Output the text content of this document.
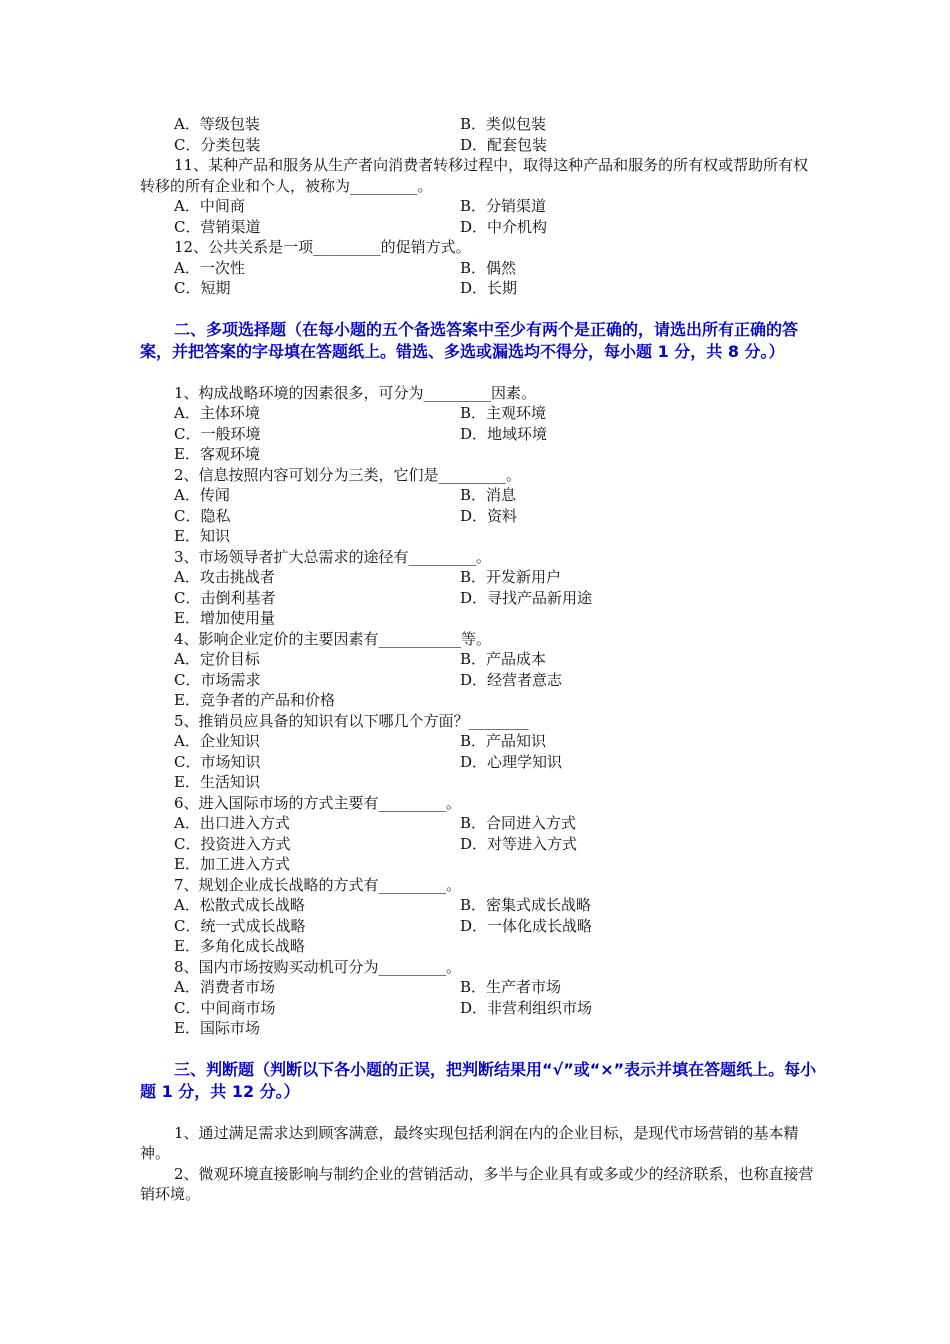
A．等级包装	B．类似包装
C．分类包装	D．配套包装
11、某种产品和服务从生产者向消费者转移过程中，取得这种产品和服务的所有权或帮助所有权转移的所有企业和个人，被称为_________。
A．中间商	B．分销渠道
C．营销渠道	D．中介机构
12、公共关系是一项_________的促销方式。
A．一次性	B．偶然
C．短期	D．长期
二、多项选择题（在每小题的五个备选答案中至少有两个是正确的，请选出所有正确的答案，并把答案的字母填在答题纸上。错选、多选或漏选均不得分，每小题 1 分，共 8 分。）
1、构成战略环境的因素很多，可分为_________因素。
A．主体环境	B．主观环境
C．一般环境	D．地域环境
E．客观环境
2、信息按照内容可划分为三类，它们是_________。
A．传闻	B．消息
C．隐私	D．资料
E．知识
3、市场领导者扩大总需求的途径有_________。
A．攻击挑战者	B．开发新用户
C．击倒利基者	D．寻找产品新用途
E．增加使用量
4、影响企业定价的主要因素有___________等。
A．定价目标	B．产品成本
C．市场需求	D．经营者意志
E．竞争者的产品和价格
5、推销员应具备的知识有以下哪几个方面？________
A．企业知识	B．产品知识
C．市场知识	D．心理学知识
E．生活知识
6、进入国际市场的方式主要有_________。
A．出口进入方式	B．合同进入方式
C．投资进入方式	D．对等进入方式
E．加工进入方式
7、规划企业成长战略的方式有_________。
A．松散式成长战略	B．密集式成长战略
C．统一式成长战略	D．一体化成长战略
E．多角化成长战略
8、国内市场按购买动机可分为_________。
A．消费者市场	B．生产者市场
C．中间商市场	D．非营利组织市场
E．国际市场
三、判断题（判断以下各小题的正误，把判断结果用“√”或“×”表示并填在答题纸上。每小题 1 分，共 12 分。）
1、通过满足需求达到顾客满意，最终实现包括利润在内的企业目标，是现代市场营销的基本精神。
2、微观环境直接影响与制约企业的营销活动，多半与企业具有或多或少的经济联系，也称直接营销环境。
